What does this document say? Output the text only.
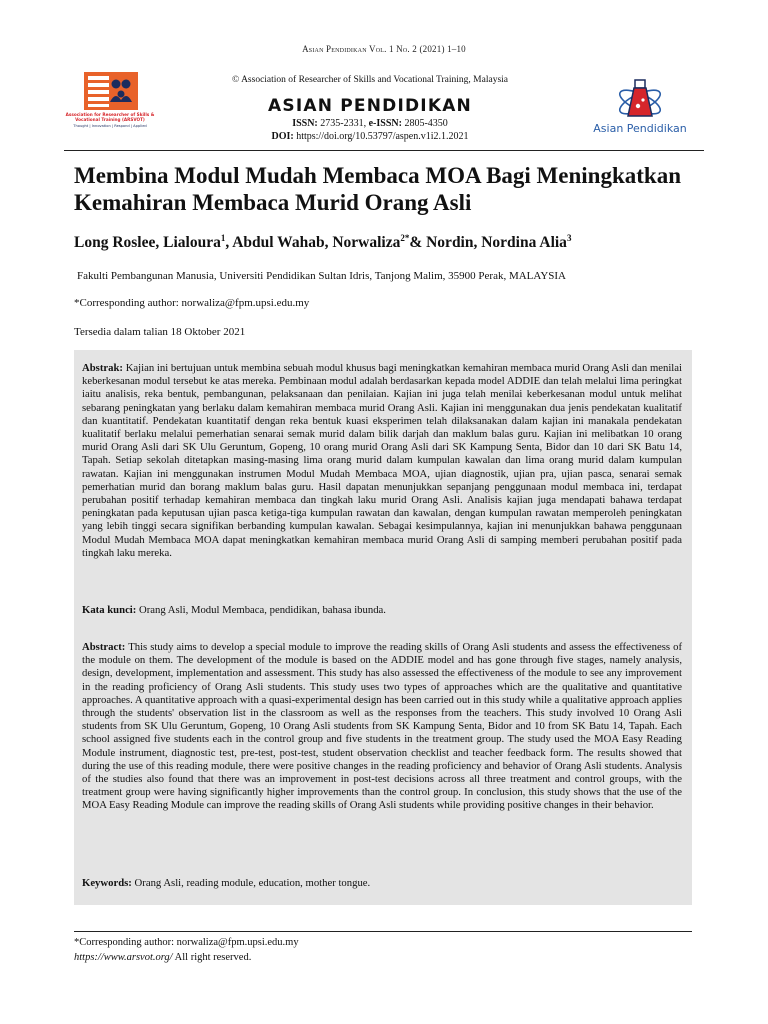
Asian Pendidikan Vol. 1 No. 2 (2021) 1–10
Association for Researcher of Skills &
Vocational Training (ARSVOT)
Thought | Innovation | Respond | Applied
© Association of Researcher of Skills and Vocational Training, Malaysia
ASIAN PENDIDIKAN
ISSN: 2735-2331, e-ISSN: 2805-4350
DOI: https://doi.org/10.53797/aspen.v1i2.1.2021
Asian Pendidikan
Membina Modul Mudah Membaca MOA Bagi Meningkatkan Kemahiran Membaca Murid Orang Asli
Long Roslee, Lialoura$^1$, Abdul Wahab, Norwaliza$^{2*}$& Nordin, Nordina Alia$^3$
Fakulti Pembangunan Manusia, Universiti Pendidikan Sultan Idris, Tanjong Malim, 35900 Perak, MALAYSIA
*Corresponding author: norwaliza@fpm.upsi.edu.my
Tersedia dalam talian 18 Oktober 2021

Abstrak: Kajian ini bertujuan untuk membina sebuah modul khusus bagi meningkatkan kemahiran membaca murid Orang Asli dan menilai keberkesanan modul tersebut ke atas mereka. Pembinaan modul adalah berdasarkan kepada model ADDIE dan telah melalui lima peringkat iaitu analisis, reka bentuk, pembangunan, pelaksanaan dan penilaian. Kajian ini juga telah menilai keberkesanan modul untuk melihat sebarang peningkatan yang berlaku dalam kemahiran membaca murid Orang Asli. Kajian ini menggunakan dua jenis pendekatan kualitatif dan kuantitatif. Pendekatan kuantitatif dengan reka bentuk kuasi eksperimen telah dilaksanakan dalam kajian ini manakala pendekatan kualitatif berlaku melalui pemerhatian senarai semak murid dalam bilik darjah dan maklum balas guru. Kajian ini melibatkan 10 orang murid Orang Asli dari SK Ulu Geruntum, Gopeng, 10 orang murid Orang Asli dari SK Kampung Senta, Bidor dan 10 dari SK Batu 14, Tapah. Setiap sekolah ditetapkan masing-masing lima orang murid dalam kumpulan kawalan dan lima orang murid dalam kumpulan rawatan. Kajian ini menggunakan instrumen Modul Mudah Membaca MOA, ujian diagnostik, ujian pra, ujian pasca, senarai semak pemerhatian murid dan borang maklum balas guru. Hasil dapatan menunjukkan sepanjang penggunaan modul membaca ini, terdapat perubahan positif terhadap kemahiran membaca dan tingkah laku murid Orang Asli. Analisis kajian juga mendapati bahawa terdapat peningkatan pada keputusan ujian pasca ketiga-tiga kumpulan rawatan dan kawalan, dengan kumpulan rawatan memperoleh peningkatan yang lebih tinggi secara signifikan berbanding kumpulan kawalan. Sebagai kesimpulannya, kajian ini menunjukkan bahawa penggunaan Modul Mudah Membaca MOA dapat meningkatkan kemahiran membaca murid Orang Asli di samping memberi perubahan positif pada tingkah laku mereka.

Kata kunci: Orang Asli, Modul Membaca, pendidikan, bahasa ibunda.

Abstract: This study aims to develop a special module to improve the reading skills of Orang Asli students and assess the effectiveness of the module on them. The development of the module is based on the ADDIE model and has gone through five stages, namely analysis, design, development, implementation and assessment. This study has also assessed the effectiveness of the module to see any improvement in the reading proficiency of Orang Asli students. This study uses two types of approaches which are the qualitative and quantitative approaches. A quantitative approach with a quasi-experimental design has been carried out in this study while a qualitative approach applies through the students' observation list in the classroom as well as the responses from the teachers. This study involved 10 Orang Asli students from SK Ulu Geruntum, Gopeng, 10 Orang Asli students from SK Kampung Senta, Bidor and 10 from SK Batu 14, Tapah. Each school assigned five students each in the control group and five students in the treatment group. The study used the MOA Easy Reading Module instrument, diagnostic test, pre-test, post-test, student observation checklist and teacher feedback form. The results showed that during the use of this reading module, there were positive changes in the reading proficiency and behavior of Orang Asli students. Analysis of the studies also found that there was an improvement in post-test decisions across all three treatment and control groups, with the treatment group were having significantly higher improvements than the control group. In conclusion, this study shows that the use of the MOA Easy Reading Module can improve the reading skills of Orang Asli students while providing positive changes in their behavior.

Keywords: Orang Asli, reading module, education, mother tongue.

*Corresponding author: norwaliza@fpm.upsi.edu.my
https://www.arsvot.org/ All right reserved.
